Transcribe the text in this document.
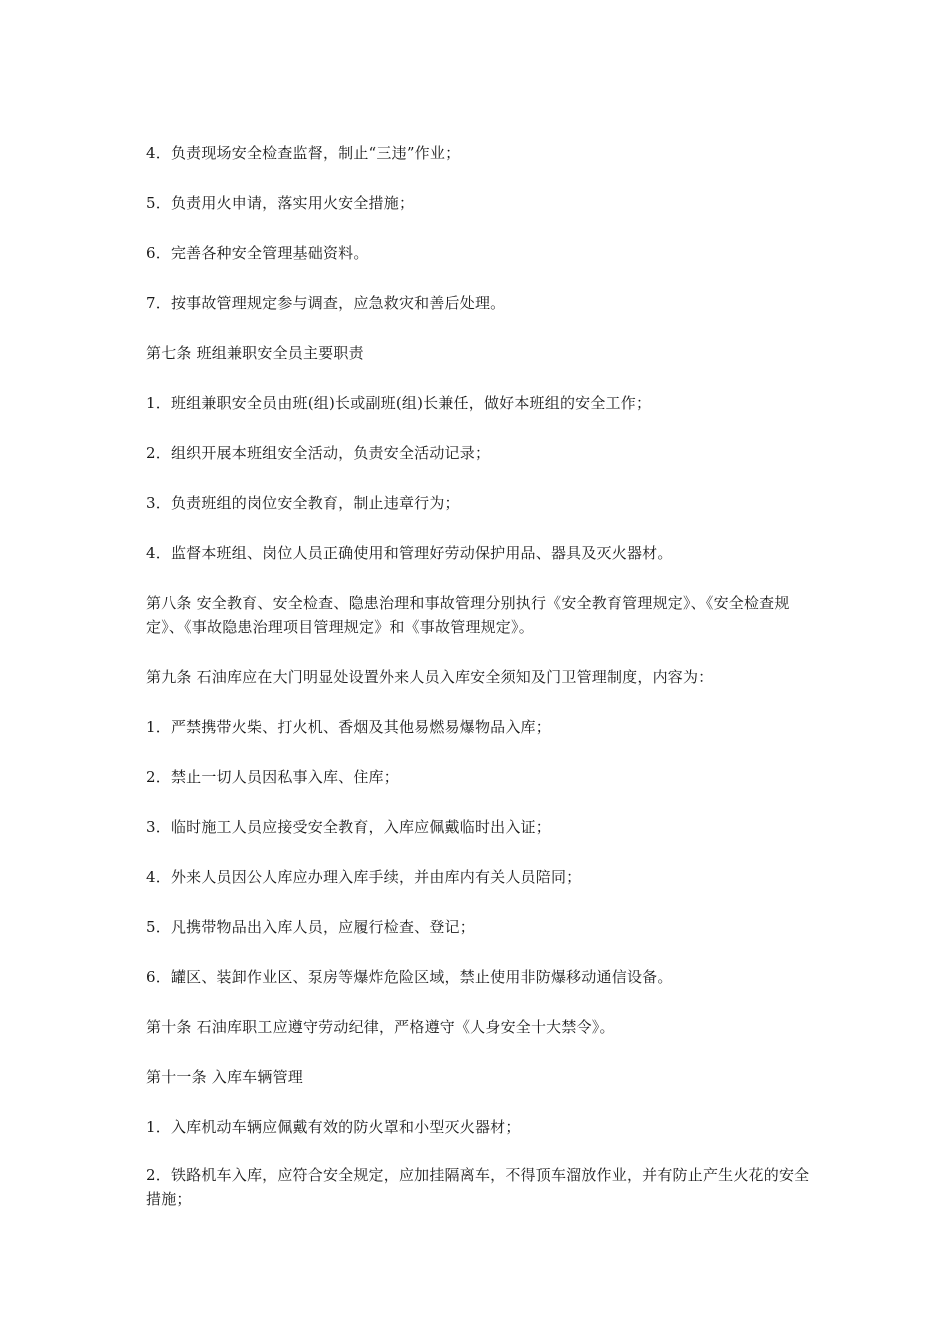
4．负责现场安全检查监督，制止“三违”作业；

5．负责用火申请，落实用火安全措施；

6．完善各种安全管理基础资料。

7．按事故管理规定参与调查，应急救灾和善后处理。

第七条 班组兼职安全员主要职责

1．班组兼职安全员由班(组)长或副班(组)长兼任，做好本班组的安全工作；

2．组织开展本班组安全活动，负责安全活动记录；

3．负责班组的岗位安全教育，制止违章行为；

4．监督本班组、岗位人员正确使用和管理好劳动保护用品、器具及灭火器材。

第八条 安全教育、安全检查、隐患治理和事故管理分别执行《安全教育管理规定》、《安全检查规定》、《事故隐患治理项目管理规定》和《事故管理规定》。

第九条 石油库应在大门明显处设置外来人员入库安全须知及门卫管理制度，内容为：

1．严禁携带火柴、打火机、香烟及其他易燃易爆物品入库；

2．禁止一切人员因私事入库、住库；

3．临时施工人员应接受安全教育，入库应佩戴临时出入证；

4．外来人员因公人库应办理入库手续，并由库内有关人员陪同；

5．凡携带物品出入库人员，应履行检查、登记；

6．罐区、装卸作业区、泵房等爆炸危险区域，禁止使用非防爆移动通信设备。

第十条 石油库职工应遵守劳动纪律，严格遵守《人身安全十大禁令》。

第十一条 入库车辆管理

1．入库机动车辆应佩戴有效的防火罩和小型灭火器材；

2．铁路机车入库，应符合安全规定，应加挂隔离车，不得顶车溜放作业，并有防止产生火花的安全措施；
